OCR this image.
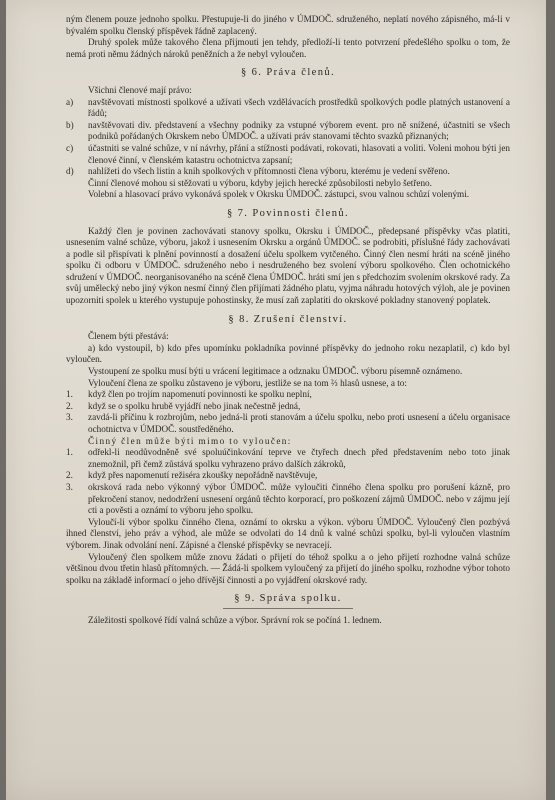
ným členem pouze jednoho spolku. Přestupuje-li do jiného v ÚMDOČ. sdruženého, neplatí nového zápisného, má-li v bývalém spolku členský příspěvek řádně zaplacený.

Druhý spolek může takového člena přijmouti jen tehdy, předloží-li tento potvrzení předešlého spolku o tom, že nemá proti němu žádných nároků peněžních a že nebyl vyloučen.

§ 6. Práva členů.

Všichni členové mají právo:

a)	navštěvovati místnosti spolkové a užívati všech vzdělávacích prostředků spolkových podle platných ustanovení a řádů;
b)	navštěvovati div. představení a všechny podniky za vstupné výborem event. pro ně snížené, účastniti se všech podniků pořádaných Okrskem nebo ÚMDOČ. a užívati práv stanovami těchto svazků přiznaných;
c)	účastniti se valné schůze, v ní návrhy, přání a stížnosti podávati, rokovati, hlasovati a voliti. Voleni mohou býti jen členové činní, v členském katastru ochotnictva zapsaní;
d)	nahlížeti do všech listin a knih spolkových v přítomnosti člena výboru, kterému je vedení svěřeno.

Činní členové mohou si stěžovati u výboru, kdyby jejich herecké způsobilosti nebylo šetřeno.

Volební a hlasovací právo vykonává spolek v Okrsku ÚMDOČ. zástupci, svou valnou schůzí volenými.

§ 7. Povinnosti členů.

Každý člen je povinen zachovávati stanovy spolku, Okrsku i ÚMDOČ., předepsané příspěvky včas platiti, usnesením valné schůze, výboru, jakož i usnesením Okrsku a orgánů ÚMDOČ. se podrobiti, příslušné řády zachovávati a podle sil přispívati k plnění povinností a dosažení účelu spolkem vytčeného. Činný člen nesmí hráti na scéně jiného spolku či odboru v ÚMDOČ. sdruženého nebo i nesdruženého bez svolení výboru spolkového. Člen ochotnického sdružení v ÚMDOČ. neorganisovaného na scéně člena ÚMDOČ. hráti smí jen s předchozím svolením okrskové rady. Za svůj umělecký nebo jiný výkon nesmí činný člen přijímati žádného platu, vyjma náhradu hotových výloh, ale je povinen upozorniti spolek u kterého vystupuje pohostinsky, že musí zaň zaplatiti do okrskové pokladny stanovený poplatek.

§ 8. Zrušení členství.

Členem býti přestává:

a) kdo vystoupil, b) kdo přes upomínku pokladníka povinné příspěvky do jednoho roku nezaplatil, c) kdo byl vyloučen.

Vystoupení ze spolku musí býti u vrácení legitimace a odznaku ÚMDOČ. výboru písemně oznámeno.

Vyloučení člena ze spolku zůstaveno je výboru, jestliže se na tom ⅔ hlasů usnese, a to:

1.	když člen po trojím napomenutí povinnosti ke spolku neplní,
2.	když se o spolku hrubě vyjádří nebo jinak nečestně jedná,
3.	zavdá-li příčinu k rozbrojům, nebo jedná-li proti stanovám a účelu spolku, nebo proti usnesení a účelu organisace ochotnictva v ÚMDOČ. soustředěného.

Činný člen může býti mimo to vyloučen:

1.	odřekl-li neodůvodněně své spoluúčinkování teprve ve čtyřech dnech před představením nebo toto jinak znemožnil, při čemž zůstává spolku vyhrazeno právo dalších zákroků,
2.	když přes napomenutí režiséra zkoušky nepořádně navštěvuje,
3.	okrsková rada nebo výkonný výbor ÚMDOČ. může vyloučiti činného člena spolku pro porušení kázně, pro překročení stanov, nedodržení usnesení orgánů těchto korporací, pro poškození zájmů ÚMDOČ. nebo v zájmu její cti a pověsti a oznámí to výboru jeho spolku.

Vyloučí-li výbor spolku činného člena, oznámí to okrsku a výkon. výboru ÚMDOČ. Vyloučený člen pozbývá ihned členství, jeho práv a výhod, ale může se odvolati do 14 dnů k valné schůzi spolku, byl-li vyloučen vlastním výborem. Jinak odvolání není. Zápisné a členské příspěvky se nevracejí.

Vyloučený člen spolkem může znovu žádati o přijetí do téhož spolku a o jeho přijetí rozhodne valná schůze většinou dvou třetin hlasů přítomných. — Žádá-li spolkem vyloučený za přijetí do jiného spolku, rozhodne výbor tohoto spolku na základě informací o jeho dřívější činnosti a po vyjádření okrskové rady.

§ 9. Správa spolku.

Záležitosti spolkové řídí valná schůze a výbor. Správní rok se počíná 1. lednem.
